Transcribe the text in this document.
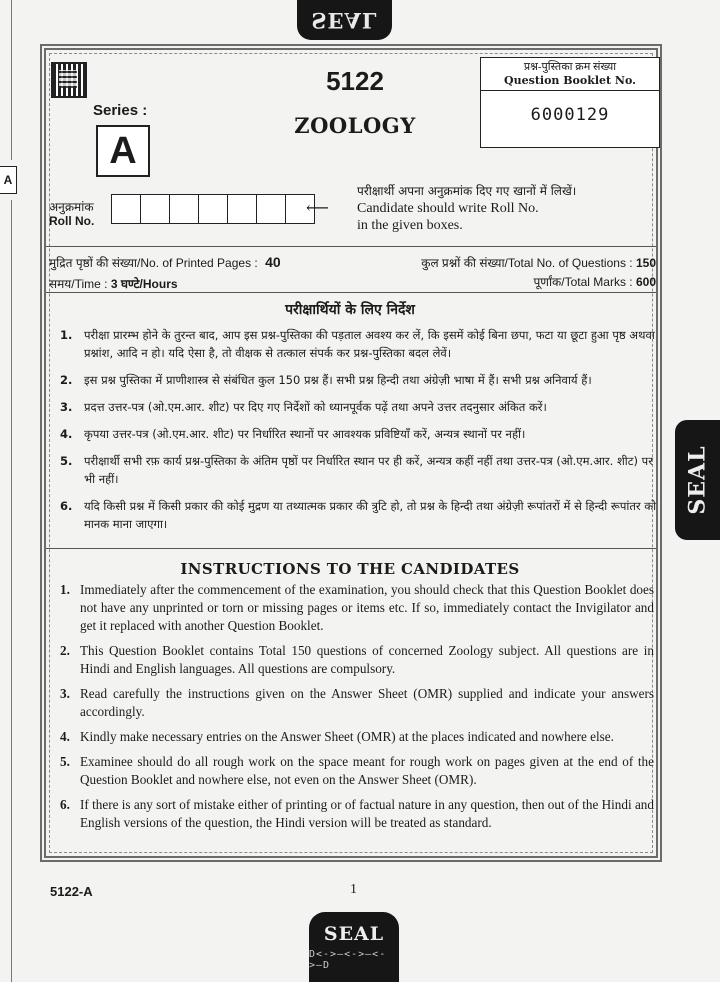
SEAL
A
5122
ZOOLOGY
Series :
A
प्रश्न-पुस्तिका क्रम संख्या
Question Booklet No.
6000129
अनुक्रमांक
Roll No.
⟵
परीक्षार्थी अपना अनुक्रमांक दिए गए खानों में लिखें।
Candidate should write Roll No.
in the given boxes.
मुद्रित पृष्ठों की संख्या/No. of Printed Pages : 40	कुल प्रश्नों की संख्या/Total No. of Questions : 150
समय/Time : 3 घण्टे/Hours	पूर्णांक/Total Marks : 600
परीक्षार्थियों के लिए निर्देश
1. परीक्षा प्रारम्भ होने के तुरन्त बाद, आप इस प्रश्न-पुस्तिका की पड़ताल अवश्य कर लें, कि इसमें कोई बिना छपा, फटा या छूटा हुआ पृष्ठ अथवा प्रश्नांश, आदि न हो। यदि ऐसा है, तो वीक्षक से तत्काल संपर्क कर प्रश्न-पुस्तिका बदल लेवें।
2. इस प्रश्न पुस्तिका में प्राणीशास्त्र से संबंधित कुल 150 प्रश्न हैं। सभी प्रश्न हिन्दी तथा अंग्रेज़ी भाषा में हैं। सभी प्रश्न अनिवार्य हैं।
3. प्रदत्त उत्तर-पत्र (ओ.एम.आर. शीट) पर दिए गए निर्देशों को ध्यानपूर्वक पढ़ें तथा अपने उत्तर तदनुसार अंकित करें।
4. कृपया उत्तर-पत्र (ओ.एम.आर. शीट) पर निर्धारित स्थानों पर आवश्यक प्रविष्टियाँ करें, अन्यत्र स्थानों पर नहीं।
5. परीक्षार्थी सभी रफ़ कार्य प्रश्न-पुस्तिका के अंतिम पृष्ठों पर निर्धारित स्थान पर ही करें, अन्यत्र कहीं नहीं तथा उत्तर-पत्र (ओ.एम.आर. शीट) पर भी नहीं।
6. यदि किसी प्रश्न में किसी प्रकार की कोई मुद्रण या तथ्यात्मक प्रकार की त्रुटि हो, तो प्रश्न के हिन्दी तथा अंग्रेज़ी रूपांतरों में से हिन्दी रूपांतर को मानक माना जाएगा।
INSTRUCTIONS TO THE CANDIDATES
1. Immediately after the commencement of the examination, you should check that this Question Booklet does not have any unprinted or torn or missing pages or items etc. If so, immediately contact the Invigilator and get it replaced with another Question Booklet.
2. This Question Booklet contains Total 150 questions of concerned Zoology subject. All questions are in Hindi and English languages. All questions are compulsory.
3. Read carefully the instructions given on the Answer Sheet (OMR) supplied and indicate your answers accordingly.
4. Kindly make necessary entries on the Answer Sheet (OMR) at the places indicated and nowhere else.
5. Examinee should do all rough work on the space meant for rough work on pages given at the end of the Question Booklet and nowhere else, not even on the Answer Sheet (OMR).
6. If there is any sort of mistake either of printing or of factual nature in any question, then out of the Hindi and English versions of the question, the Hindi version will be treated as standard.
SEAL
5122-A	1
SEAL
D<->–<->–<->–D
